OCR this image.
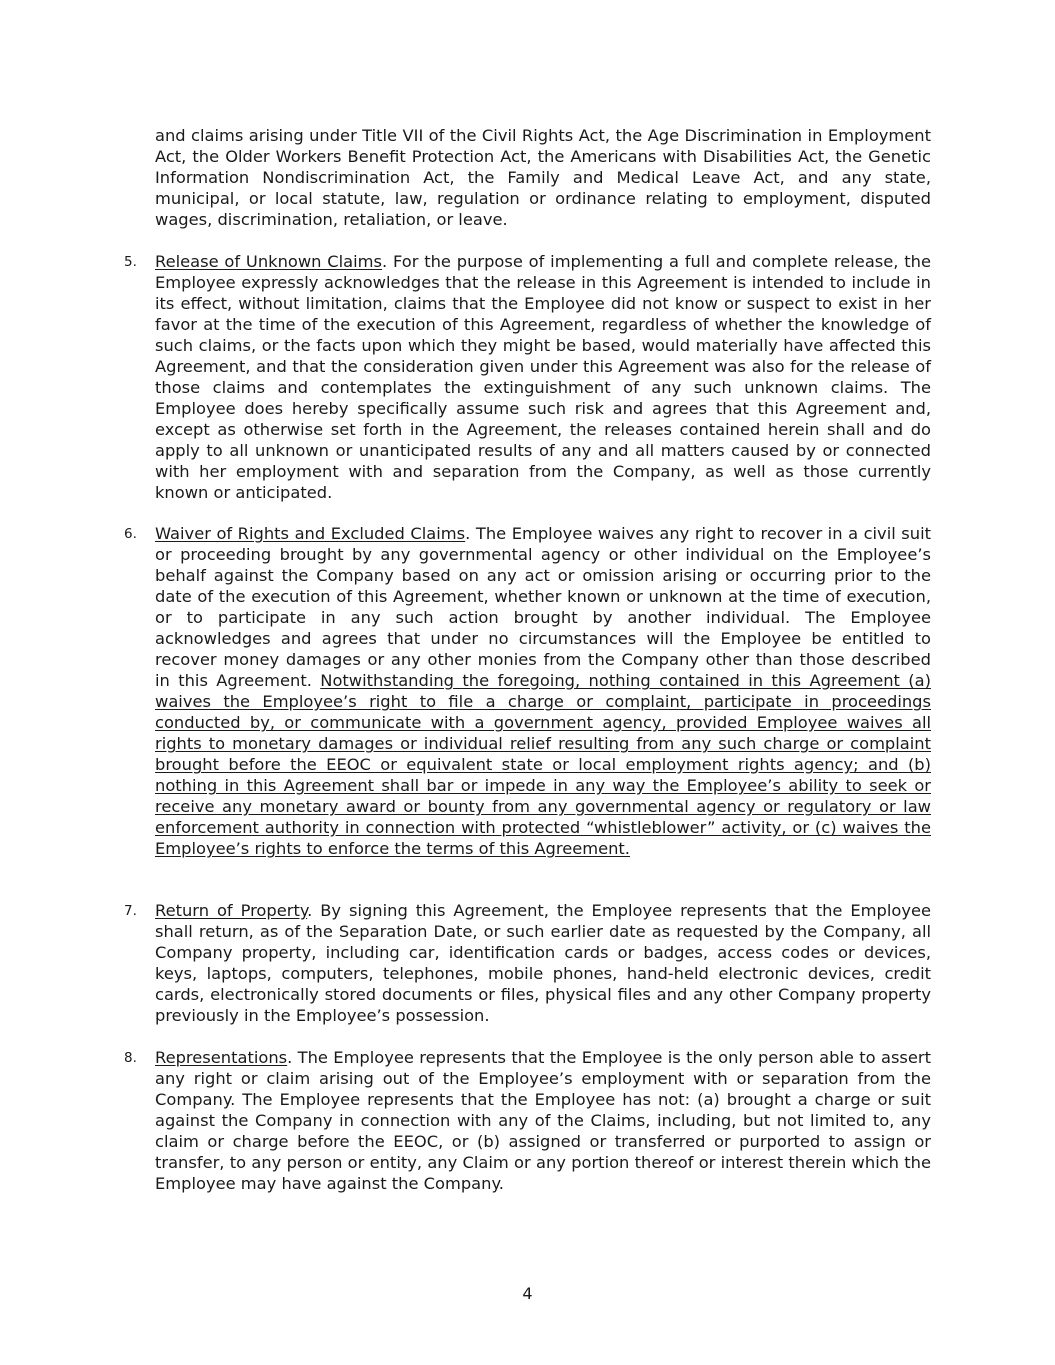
and claims arising under Title VII of the Civil Rights Act, the Age Discrimination in Employment Act, the Older Workers Benefit Protection Act, the Americans with Disabilities Act, the Genetic Information Nondiscrimination Act, the Family and Medical Leave Act, and any state, municipal, or local statute, law, regulation or ordinance relating to employment, disputed wages, discrimination, retaliation, or leave.

5. Release of Unknown Claims. For the purpose of implementing a full and complete release, the Employee expressly acknowledges that the release in this Agreement is intended to include in its effect, without limitation, claims that the Employee did not know or suspect to exist in her favor at the time of the execution of this Agreement, regardless of whether the knowledge of such claims, or the facts upon which they might be based, would materially have affected this Agreement, and that the consideration given under this Agreement was also for the release of those claims and contemplates the extinguishment of any such unknown claims. The Employee does hereby specifically assume such risk and agrees that this Agreement and, except as otherwise set forth in the Agreement, the releases contained herein shall and do apply to all unknown or unanticipated results of any and all matters caused by or connected with her employment with and separation from the Company, as well as those currently known or anticipated.

6. Waiver of Rights and Excluded Claims. The Employee waives any right to recover in a civil suit or proceeding brought by any governmental agency or other individual on the Employee’s behalf against the Company based on any act or omission arising or occurring prior to the date of the execution of this Agreement, whether known or unknown at the time of execution, or to participate in any such action brought by another individual. The Employee acknowledges and agrees that under no circumstances will the Employee be entitled to recover money damages or any other monies from the Company other than those described in this Agreement. Notwithstanding the foregoing, nothing contained in this Agreement (a) waives the Employee’s right to file a charge or complaint, participate in proceedings conducted by, or communicate with a government agency, provided Employee waives all rights to monetary damages or individual relief resulting from any such charge or complaint brought before the EEOC or equivalent state or local employment rights agency; and (b) nothing in this Agreement shall bar or impede in any way the Employee’s ability to seek or receive any monetary award or bounty from any governmental agency or regulatory or law enforcement authority in connection with protected “whistleblower” activity, or (c) waives the Employee’s rights to enforce the terms of this Agreement.

7. Return of Property. By signing this Agreement, the Employee represents that the Employee shall return, as of the Separation Date, or such earlier date as requested by the Company, all Company property, including car, identification cards or badges, access codes or devices, keys, laptops, computers, telephones, mobile phones, hand-held electronic devices, credit cards, electronically stored documents or files, physical files and any other Company property previously in the Employee’s possession.

8. Representations. The Employee represents that the Employee is the only person able to assert any right or claim arising out of the Employee’s employment with or separation from the Company. The Employee represents that the Employee has not: (a) brought a charge or suit against the Company in connection with any of the Claims, including, but not limited to, any claim or charge before the EEOC, or (b) assigned or transferred or purported to assign or transfer, to any person or entity, any Claim or any portion thereof or interest therein which the Employee may have against the Company.

4
